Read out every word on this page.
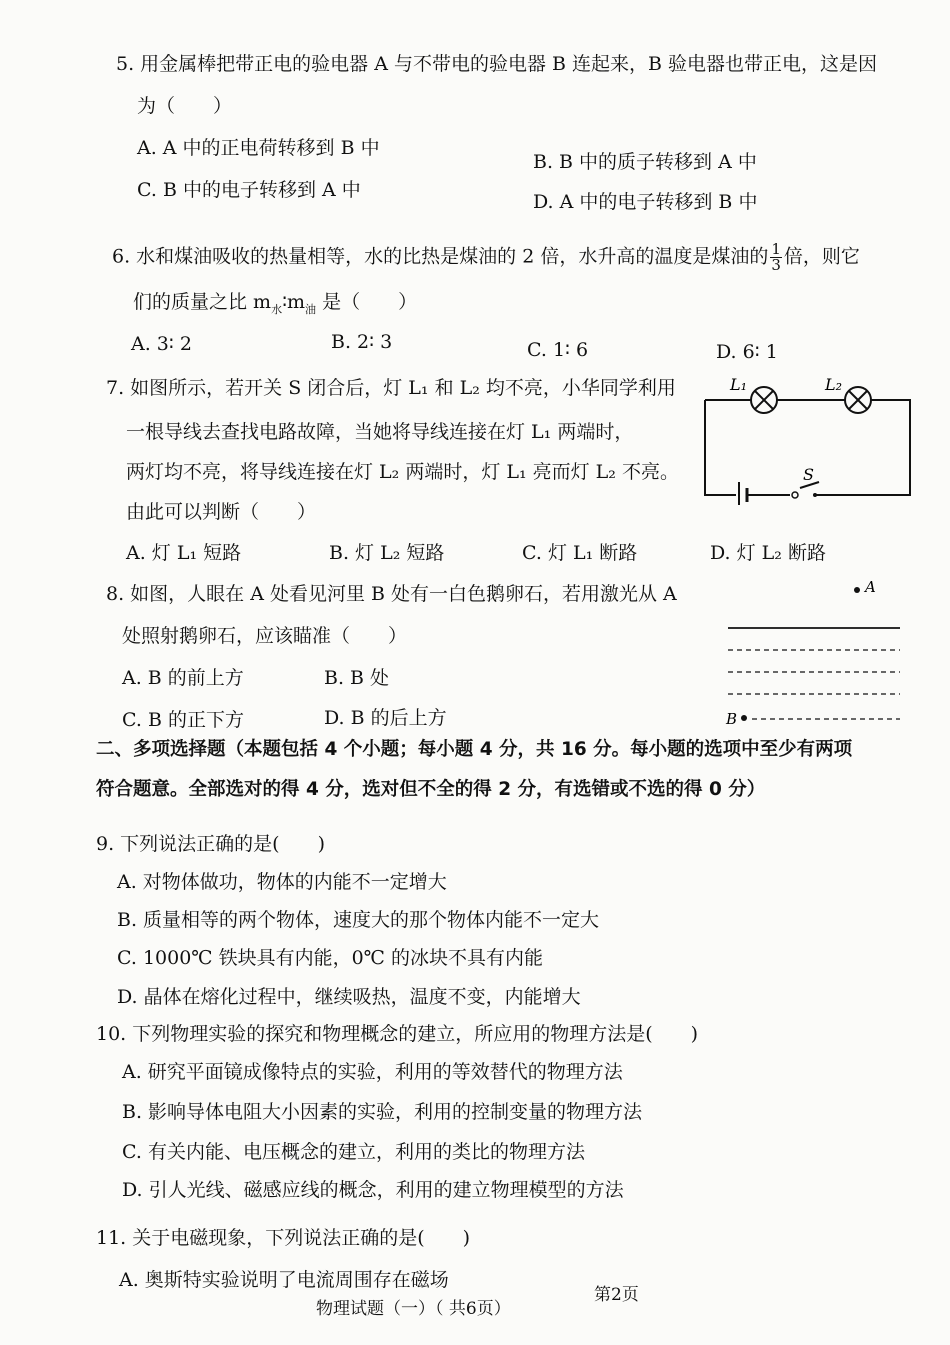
5. 用金属棒把带正电的验电器 A 与不带电的验电器 B 连起来，B 验电器也带正电，这是因
为（　　）
A. A 中的正电荷转移到 B 中
B. B 中的质子转移到 A 中
C. B 中的电子转移到 A 中
D. A 中的电子转移到 B 中
6. 水和煤油吸收的热量相等，水的比热是煤油的 2 倍，水升高的温度是煤油的 $\frac{1}{3}$ 倍，则它
们的质量之比 $m_水∶m_油$ 是（　　）
A. 3∶ 2	B. 2∶ 3	C. 1∶ 6	D. 6∶ 1
7. 如图所示，若开关 S 闭合后，灯 L₁ 和 L₂ 均不亮，小华同学利用
一根导线去查找电路故障，当她将导线连接在灯 L₁ 两端时，
两灯均不亮，将导线连接在灯 L₂ 两端时，灯 L₁ 亮而灯 L₂ 不亮。
由此可以判断（　　）
A. 灯 L₁ 短路	B. 灯 L₂ 短路	C. 灯 L₁ 断路	D. 灯 L₂ 断路
L₁	L₂
S
8. 如图，人眼在 A 处看见河里 B 处有一白色鹅卵石，若用激光从 A
处照射鹅卵石，应该瞄准（　　）
A. B 的前上方	B. B 处
C. B 的正下方	D. B 的后上方
A
B
二、多项选择题（本题包括 4 个小题；每小题 4 分，共 16 分。每小题的选项中至少有两项
符合题意。全部选对的得 4 分，选对但不全的得 2 分，有选错或不选的得 0 分）
9. 下列说法正确的是(　　)
A. 对物体做功，物体的内能不一定增大
B. 质量相等的两个物体，速度大的那个物体内能不一定大
C. 1000℃ 铁块具有内能，0℃ 的冰块不具有内能
D. 晶体在熔化过程中，继续吸热，温度不变，内能增大
10. 下列物理实验的探究和物理概念的建立，所应用的物理方法是(　　)
A. 研究平面镜成像特点的实验，利用的等效替代的物理方法
B. 影响导体电阻大小因素的实验，利用的控制变量的物理方法
C. 有关内能、电压概念的建立，利用的类比的物理方法
D. 引人光线、磁感应线的概念，利用的建立物理模型的方法
11. 关于电磁现象，下列说法正确的是(　　)
A. 奥斯特实验说明了电流周围存在磁场
物理试题（一）（ 共6页）
第2页
